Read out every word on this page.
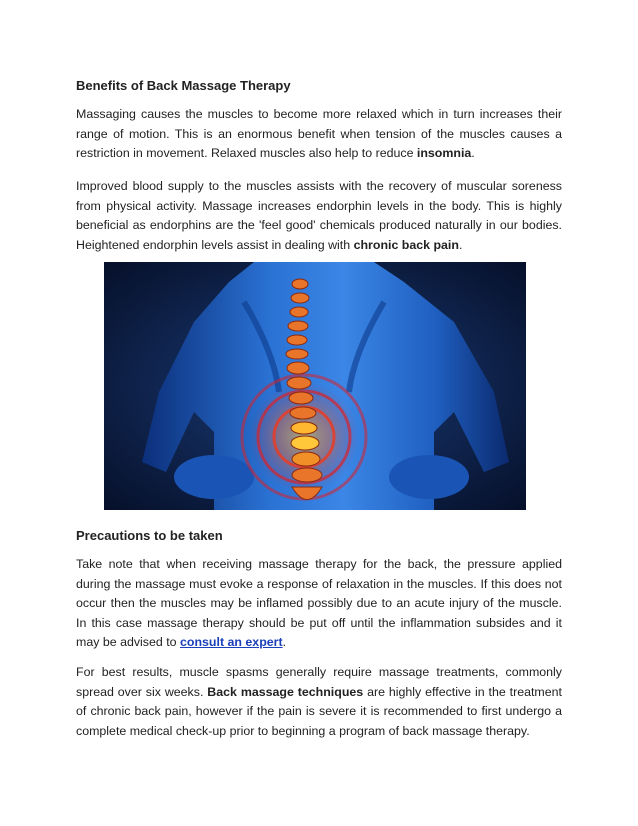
Benefits of Back Massage Therapy

Massaging causes the muscles to become more relaxed which in turn increases their range of motion. This is an enormous benefit when tension of the muscles causes a restriction in movement. Relaxed muscles also help to reduce insomnia.

Improved blood supply to the muscles assists with the recovery of muscular soreness from physical activity. Massage increases endorphin levels in the body. This is highly beneficial as endorphins are the 'feel good' chemicals produced naturally in our bodies. Heightened endorphin levels assist in dealing with chronic back pain.

Precautions to be taken

Take note that when receiving massage therapy for the back, the pressure applied during the massage must evoke a response of relaxation in the muscles. If this does not occur then the muscles may be inflamed possibly due to an acute injury of the muscle. In this case massage therapy should be put off until the inflammation subsides and it may be advised to consult an expert.

For best results, muscle spasms generally require massage treatments, commonly spread over six weeks. Back massage techniques are highly effective in the treatment of chronic back pain, however if the pain is severe it is recommended to first undergo a complete medical check-up prior to beginning a program of back massage therapy.
